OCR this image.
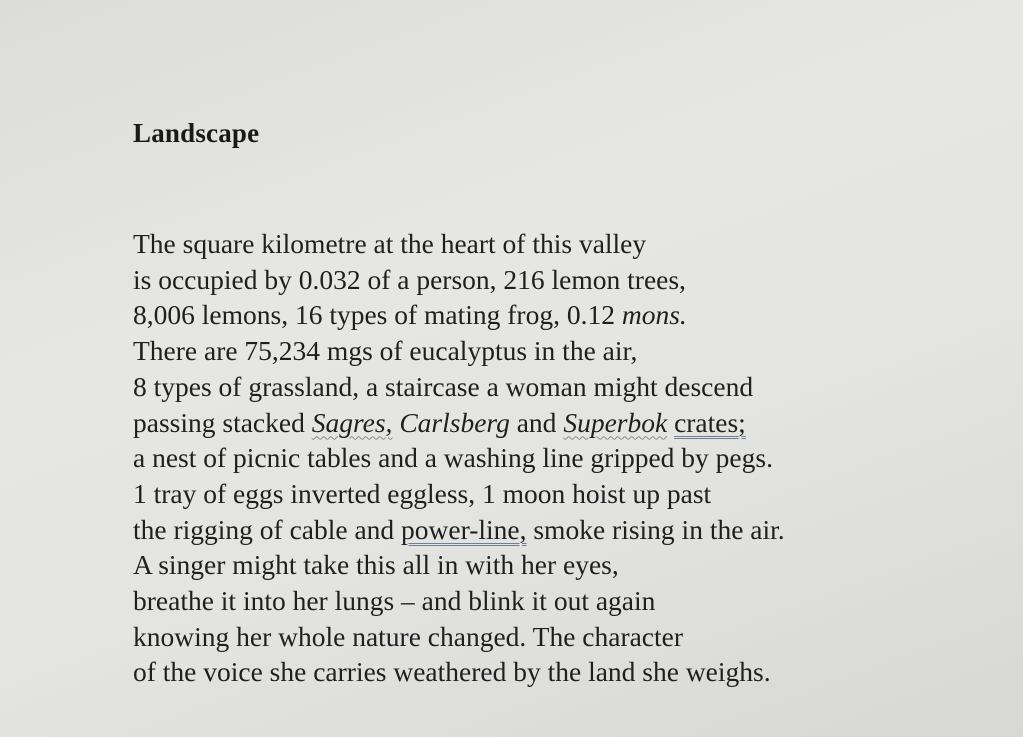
Landscape
The square kilometre at the heart of this valley
is occupied by 0.032 of a person, 216 lemon trees,
8,006 lemons, 16 types of mating frog, 0.12 mons.
There are 75,234 mgs of eucalyptus in the air,
8 types of grassland, a staircase a woman might descend
passing stacked Sagres, Carlsberg and Superbok crates;
a nest of picnic tables and a washing line gripped by pegs.
1 tray of eggs inverted eggless, 1 moon hoist up past
the rigging of cable and power-line, smoke rising in the air.
A singer might take this all in with her eyes,
breathe it into her lungs – and blink it out again
knowing her whole nature changed. The character
of the voice she carries weathered by the land she weighs.
